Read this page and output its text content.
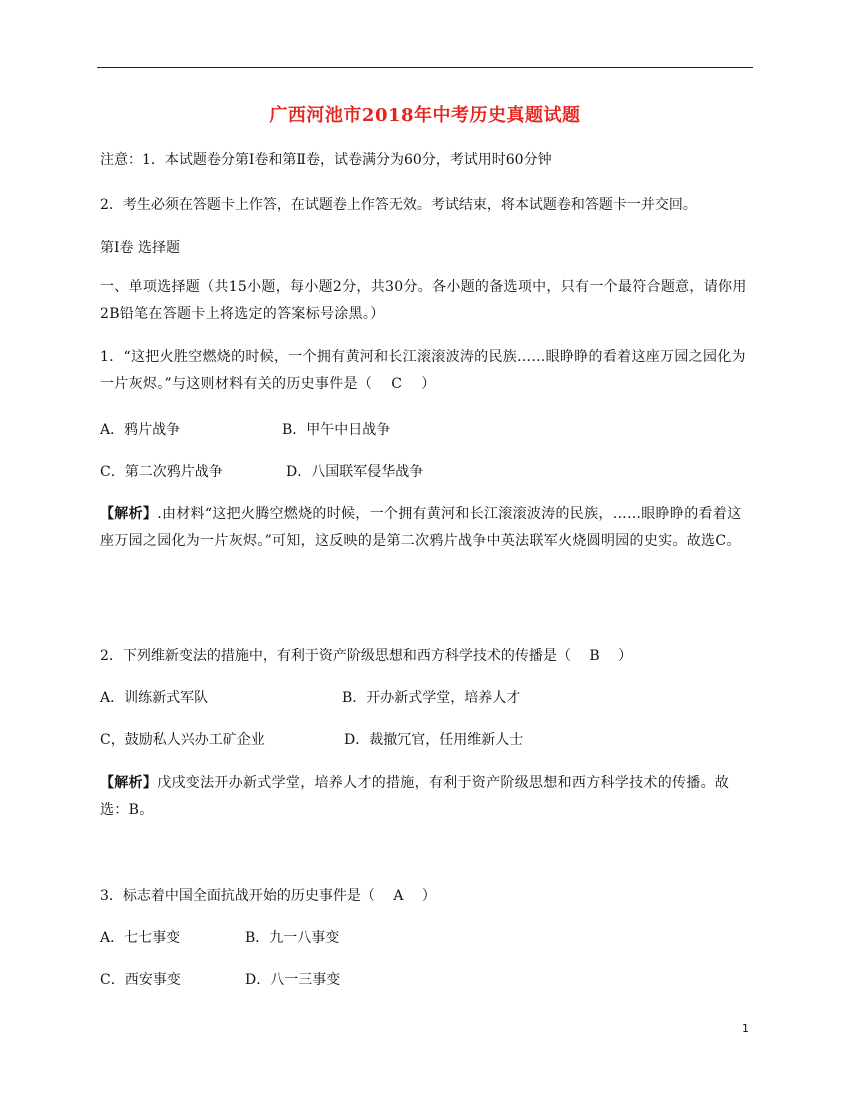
广西河池市2018年中考历史真题试题
注意：1．本试题卷分第Ⅰ卷和第Ⅱ卷，试卷满分为60分，考试用时60分钟
2．考生必须在答题卡上作答，在试题卷上作答无效。考试结束，将本试题卷和答题卡一并交回。
第Ⅰ卷 选择题
一、单项选择题（共15小题，每小题2分，共30分。各小题的备选项中，只有一个最符合题意，请你用2B铅笔在答题卡上将选定的答案标号涂黑。）
1．“这把火胜空燃烧的时候，一个拥有黄河和长江滚滚波涛的民族……眼睁睁的看着这座万园之园化为一片灰烬。”与这则材料有关的历史事件是（　 C 　）
A．鸦片战争	B．甲午中日战争
C．第二次鸦片战争	D．八国联军侵华战争
【解析】.由材料“这把火腾空燃烧的时候，一个拥有黄河和长江滚滚波涛的民族，……眼睁睁的看着这座万园之园化为一片灰烬。”可知，这反映的是第二次鸦片战争中英法联军火烧圆明园的史实。故选C。
2．下列维新变法的措施中，有利于资产阶级思想和西方科学技术的传播是（　 B 　）
A．训练新式军队	B．开办新式学堂，培养人才
C，鼓励私人兴办工矿企业	D．裁撤冗官，任用维新人士
【解析】戊戌变法开办新式学堂，培养人才的措施，有利于资产阶级思想和西方科学技术的传播。故选：B。
3．标志着中国全面抗战开始的历史事件是（　 A 　）
A．七七事变	B．九一八事变
C．西安事变	D．八一三事变
1
